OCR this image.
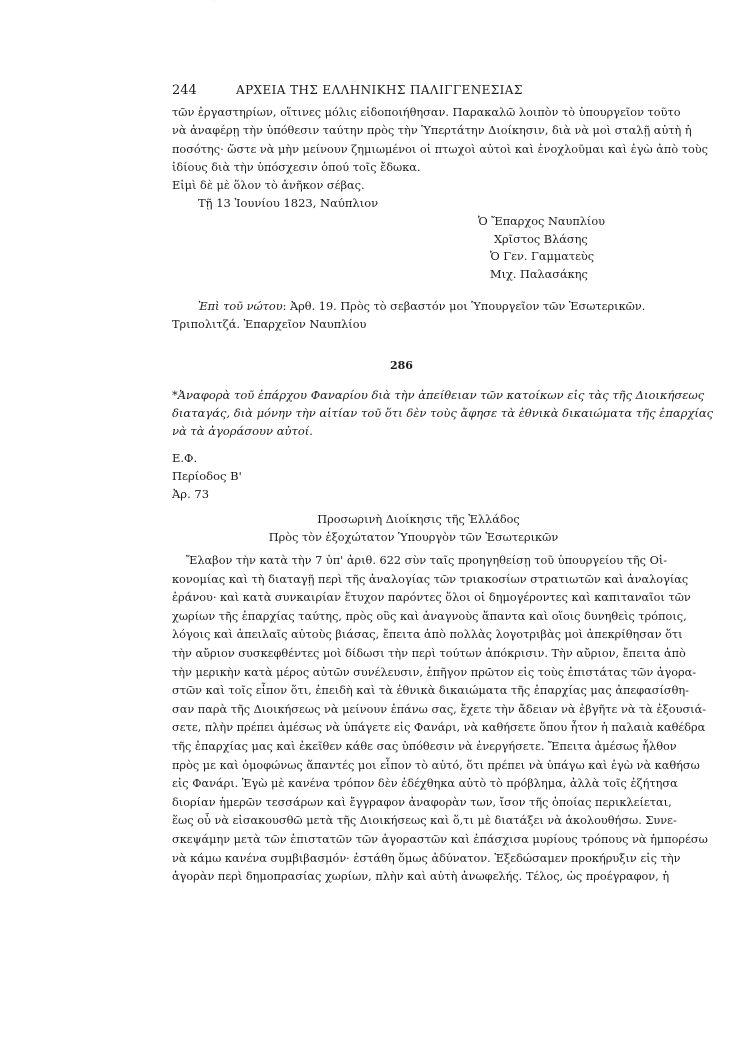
˜ ˉ ˜ ˙ ˉ
244	ΑΡΧΕΙΑ ΤΗΣ ΕΛΛΗΝΙΚΗΣ ΠΑΛΙΓΓΕΝΕΣΙΑΣ
τῶν ἐργαστηρίων, οἵτινες μόλις εἰδοποιήθησαν. Παρακαλῶ λοιπὸν τὸ ὑπουργεῖον τοῦτο
νὰ ἀναφέρῃ τὴν ὑπόθεσιν ταύτην πρὸς τὴν Ὑπερτάτην Διοίκησιν, διὰ νὰ μοὶ σταλῇ αὐτὴ ἡ
ποσότης· ὥστε νὰ μὴν μείνουν ζημιωμένοι οἱ πτωχοὶ αὐτοὶ καὶ ἐνοχλοῦμαι καὶ ἐγὼ ἀπὸ τοὺς
ἰδίους διὰ τὴν ὑπόσχεσιν ὁπού τοῖς ἔδωκα.
Εἰμὶ δὲ μὲ ὅλον τὸ ἀνῆκον σέβας.
Τῇ 13 Ἰουνίου 1823, Ναύπλιον
Ὁ Ἔπαρχος Ναυπλίου
Χρῖστος Βλάσης
Ὁ Γεν. Γαμματεὺς
Μιχ. Παλασάκης
Ἐπὶ τοῦ νώτου: Ἀρθ. 19. Πρὸς τὸ σεβαστόν μοι Ὑπουργεῖον τῶν Ἐσωτερικῶν.
Τριπολιτζά. Ἐπαρχεῖον Ναυπλίου
286
*Ἀναφορὰ τοῦ ἐπάρχου Φαναρίου διὰ τὴν ἀπείθειαν τῶν κατοίκων εἰς τὰς τῆς Διοικήσεως
διαταγάς, διὰ μόνην τὴν αἰτίαν τοῦ ὅτι δὲν τοὺς ἄφησε τὰ ἐθνικὰ δικαιώματα τῆς ἐπαρχίας
νὰ τὰ ἀγοράσουν αὐτοί.
Ε.Φ.
Περίοδος Β'
Ἀρ. 73
Προσωρινὴ Διοίκησις τῆς Ἑλλάδος
Πρὸς τὸν ἐξοχώτατον Ὑπουργὸν τῶν Ἐσωτερικῶν
Ἔλαβον τὴν κατὰ τὴν 7 ὑπ' ἀριθ. 622 σὺν ταῖς προηγηθείσῃ τοῦ ὑπουργείου τῆς Οἰ-
κονομίας καὶ τὴ διαταγῇ περὶ τῆς ἀναλογίας τῶν τριακοσίων στρατιωτῶν καὶ ἀναλογίας
ἐράνου· καὶ κατὰ συνκαιρίαν ἔτυχον παρόντες ὅλοι οἱ δημογέροντες καὶ καπιταναῖοι τῶν
χωρίων τῆς ἐπαρχίας ταύτης, πρὸς οὓς καὶ ἀναγνοὺς ἅπαντα καὶ οἵοις δυνηθεὶς τρόποις,
λόγοις καὶ ἀπειλαῖς αὐτοὺς βιάσας, ἔπειτα ἀπὸ πολλὰς λογοτριβὰς μοὶ ἀπεκρίθησαν ὅτι
τὴν αὔριον συσκεφθέντες μοὶ δίδωσι τὴν περὶ τούτων ἀπόκρισιν. Τὴν αὔριον, ἔπειτα ἀπὸ
τὴν μερικὴν κατὰ μέρος αὐτῶν συνέλευσιν, ἐπῆγον πρῶτον εἰς τοὺς ἐπιστάτας τῶν ἀγορα-
στῶν καὶ τοῖς εἶπον ὅτι, ἐπειδὴ καὶ τὰ ἐθνικὰ δικαιώματα τῆς ἐπαρχίας μας ἀπεφασίσθη-
σαν παρὰ τῆς Διοικήσεως νὰ μείνουν ἐπάνω σας, ἔχετε τὴν ἄδειαν νὰ ἐβγῆτε νὰ τὰ ἐξουσιά-
σετε, πλὴν πρέπει ἀμέσως νὰ ὑπάγετε εἰς Φανάρι, νὰ καθήσετε ὅπου ἦτον ἡ παλαιὰ καθέδρα
τῆς ἐπαρχίας μας καὶ ἐκεῖθεν κάθε σας ὑπόθεσιν νὰ ἐνεργήσετε. Ἔπειτα ἀμέσως ἦλθον
πρὸς με καὶ ὁμοφώνως ἅπαντές μοι εἶπον τὸ αὐτό, ὅτι πρέπει νὰ ὑπάγω καὶ ἐγὼ νὰ καθήσω
εἰς Φανάρι. Ἐγὼ μὲ κανένα τρόπον δὲν ἐδέχθηκα αὐτὸ τὸ πρόβλημα, ἀλλὰ τοῖς ἐζήτησα
διορίαν ἡμερῶν τεσσάρων καὶ ἔγγραφον ἀναφορὰν των, ἴσον τῆς ὁποίας περικλείεται,
ἕως οὗ νὰ εἰσακουσθῶ μετὰ τῆς Διοικήσεως καὶ ὅ,τι μὲ διατάξει νὰ ἀκολουθήσω. Συνε-
σκεψάμην μετὰ τῶν ἐπιστατῶν τῶν ἀγοραστῶν καὶ ἐπάσχισα μυρίους τρόπους νὰ ἠμπορέσω
νὰ κάμω κανένα συμβιβασμόν· ἐστάθη ὅμως ἀδύνατον. Ἐξεδώσαμεν προκήρυξιν εἰς τὴν
ἀγορὰν περὶ δημοπρασίας χωρίων, πλὴν καὶ αὐτὴ ἀνωφελής. Τέλος, ὡς προέγραφον, ἡ
